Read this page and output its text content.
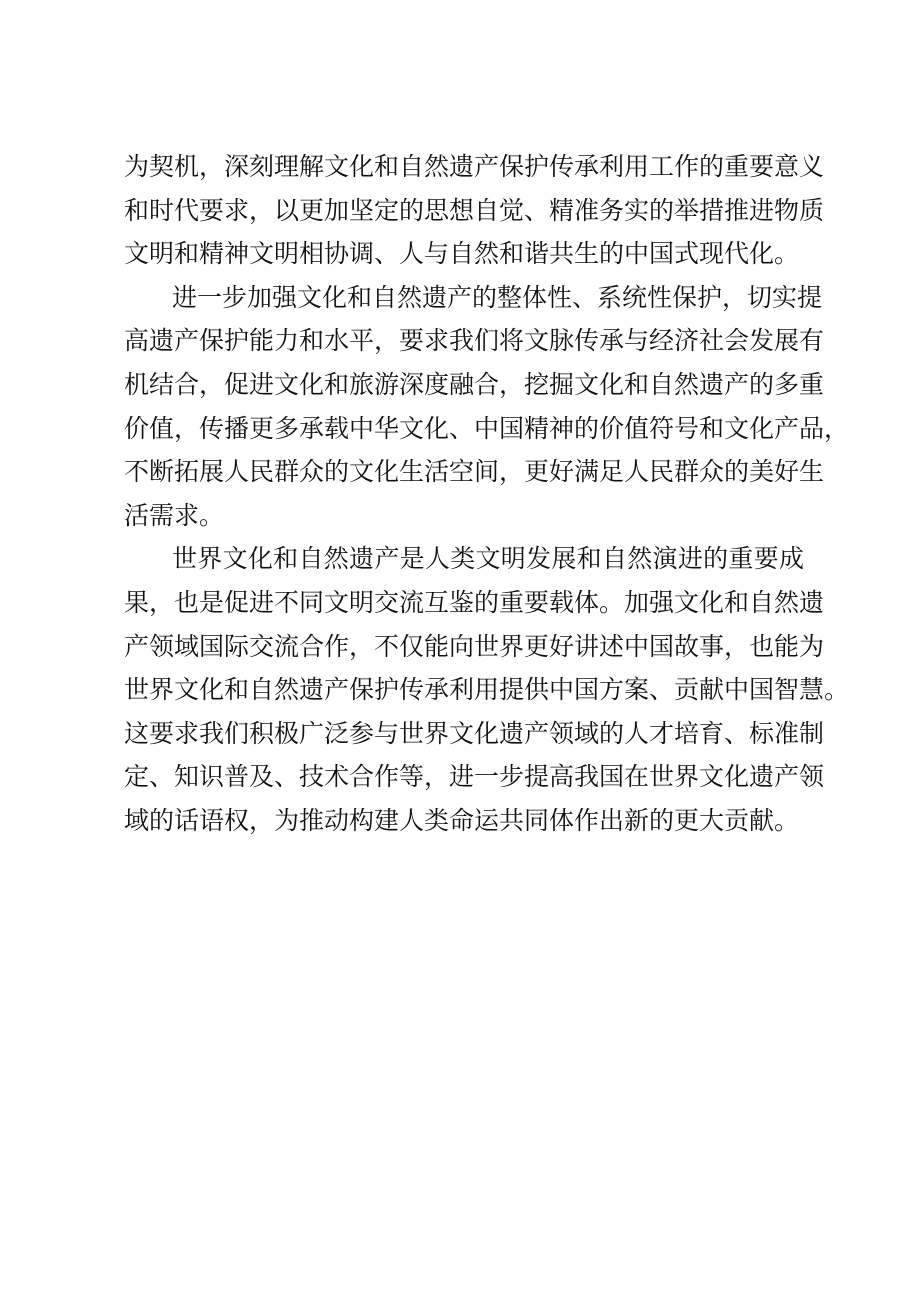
为契机，深刻理解文化和自然遗产保护传承利用工作的重要意义
和时代要求，以更加坚定的思想自觉、精准务实的举措推进物质
文明和精神文明相协调、人与自然和谐共生的中国式现代化。
进一步加强文化和自然遗产的整体性、系统性保护，切实提
高遗产保护能力和水平，要求我们将文脉传承与经济社会发展有
机结合，促进文化和旅游深度融合，挖掘文化和自然遗产的多重
价值，传播更多承载中华文化、中国精神的价值符号和文化产品，
不断拓展人民群众的文化生活空间，更好满足人民群众的美好生
活需求。
世界文化和自然遗产是人类文明发展和自然演进的重要成
果，也是促进不同文明交流互鉴的重要载体。加强文化和自然遗
产领域国际交流合作，不仅能向世界更好讲述中国故事，也能为
世界文化和自然遗产保护传承利用提供中国方案、贡献中国智慧。
这要求我们积极广泛参与世界文化遗产领域的人才培育、标准制
定、知识普及、技术合作等，进一步提高我国在世界文化遗产领
域的话语权，为推动构建人类命运共同体作出新的更大贡献。
